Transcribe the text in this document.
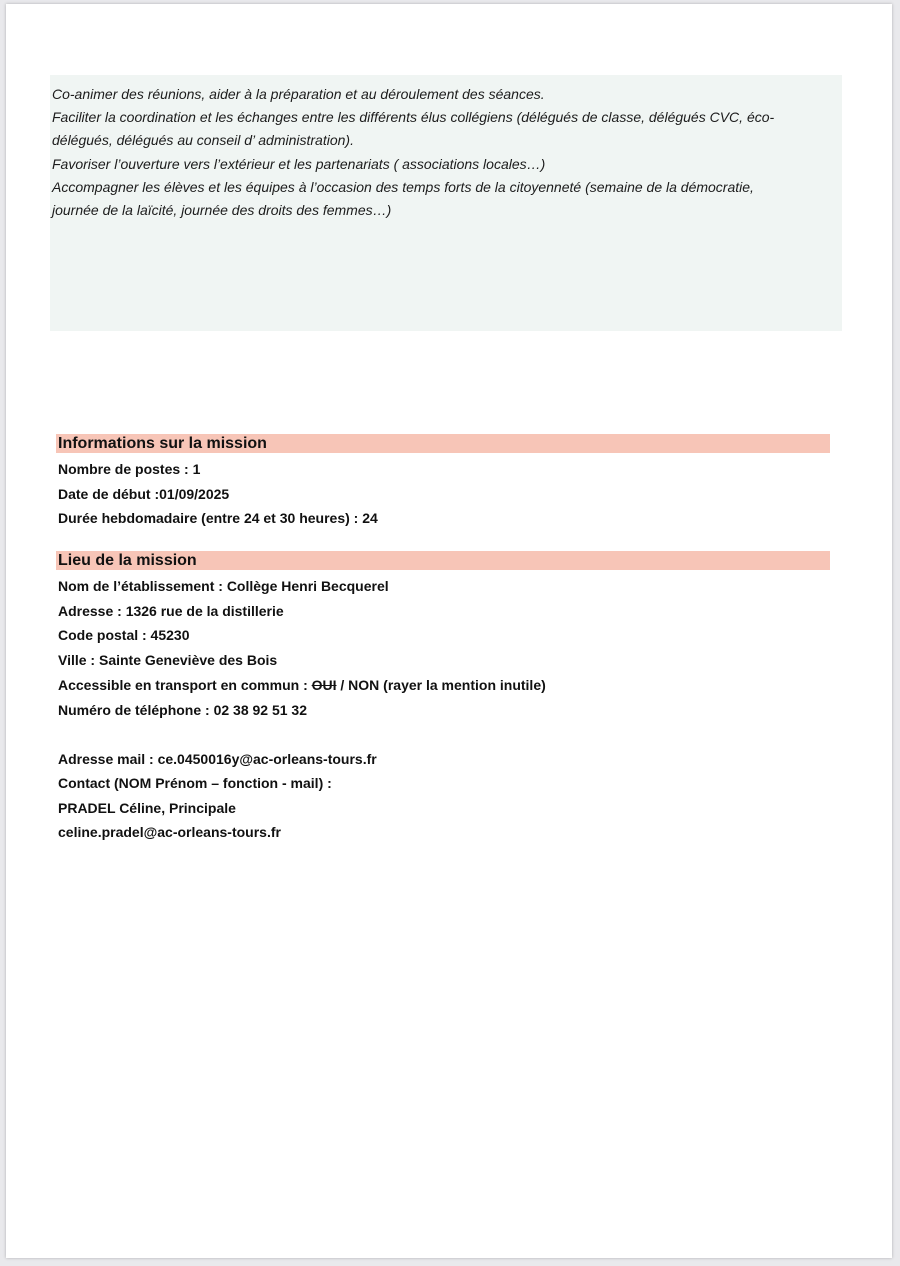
Co-animer des réunions, aider à la préparation et au déroulement des séances.
Faciliter la coordination et les échanges entre les différents élus collégiens (délégués de classe, délégués CVC, éco-
délégués, délégués au conseil d’ administration).
Favoriser l’ouverture vers l’extérieur et les partenariats ( associations locales…)
Accompagner les élèves et les équipes à l’occasion des temps forts de la citoyenneté (semaine de la démocratie,
journée de la laïcité, journée des droits des femmes…)
Informations sur la mission
Nombre de postes : 1
Date de début :01/09/2025
Durée hebdomadaire (entre 24 et 30 heures) : 24
Lieu de la mission
Nom de l’établissement : Collège Henri Becquerel
Adresse : 1326 rue de la distillerie
Code postal : 45230
Ville : Sainte Geneviève des Bois
Accessible en transport en commun : OUI / NON (rayer la mention inutile)
Numéro de téléphone : 02 38 92 51 32
Adresse mail : ce.0450016y@ac-orleans-tours.fr
Contact (NOM Prénom – fonction - mail) :
PRADEL Céline, Principale
celine.pradel@ac-orleans-tours.fr
